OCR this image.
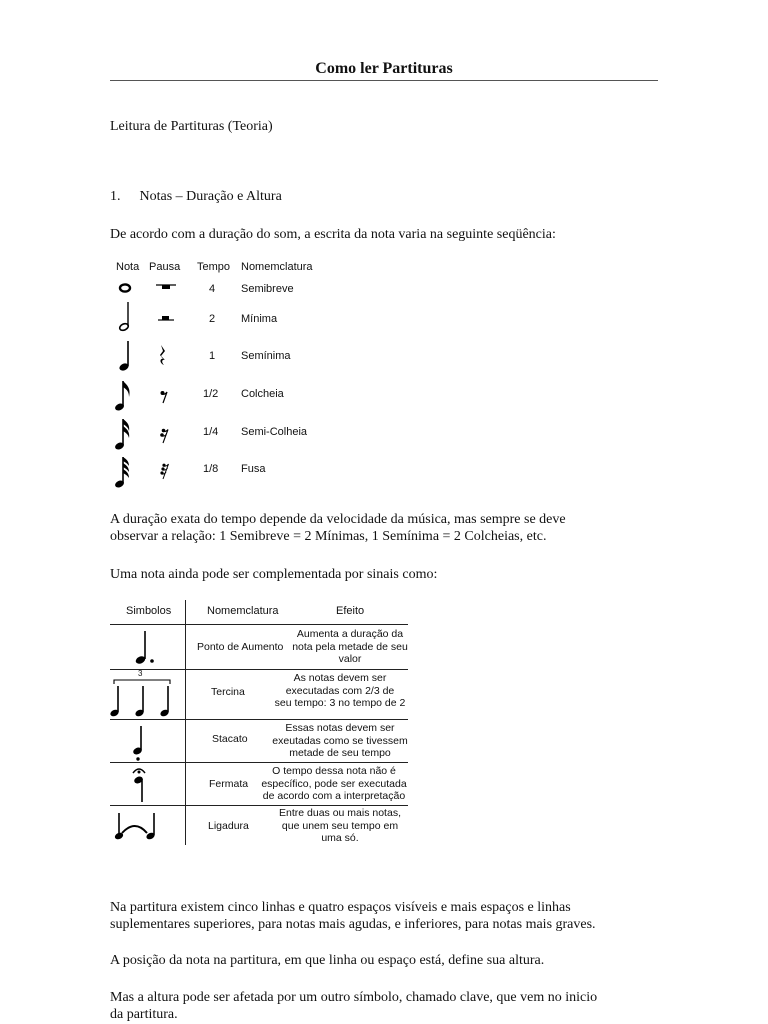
Como ler Partituras
Leitura de Partituras (Teoria)
1. Notas – Duração e Altura
De acordo com a duração do som, a escrita da nota varia na seguinte seqüência:
Nota Pausa Tempo Nomemclatura
4 Semibreve
2 Mínima
1 Semínima
1/2 Colcheia
1/4 Semi-Colheia
1/8 Fusa
A duração exata do tempo depende da velocidade da música, mas sempre se deve
observar a relação: 1 Semibreve = 2 Mínimas, 1 Semínima = 2 Colcheias, etc.
Uma nota ainda pode ser complementada por sinais como:
Simbolos	Nomemclatura	Efeito
Ponto de Aumento
Aumenta a duração da
nota pela metade de seu
valor
3
Tercina
As notas devem ser
executadas com 2/3 de
seu tempo: 3 no tempo de 2
Stacato
Essas notas devem ser
exeutadas como se tivessem
metade de seu tempo
Fermata
O tempo dessa nota não é
específico, pode ser executada
de acordo com a interpretação
Ligadura
Entre duas ou mais notas,
que unem seu tempo em
uma só.
Na partitura existem cinco linhas e quatro espaços visíveis e mais espaços e linhas
suplementares superiores, para notas mais agudas, e inferiores, para notas mais graves.
A posição da nota na partitura, em que linha ou espaço está, define sua altura.
Mas a altura pode ser afetada por um outro símbolo, chamado clave, que vem no inicio
da partitura.
